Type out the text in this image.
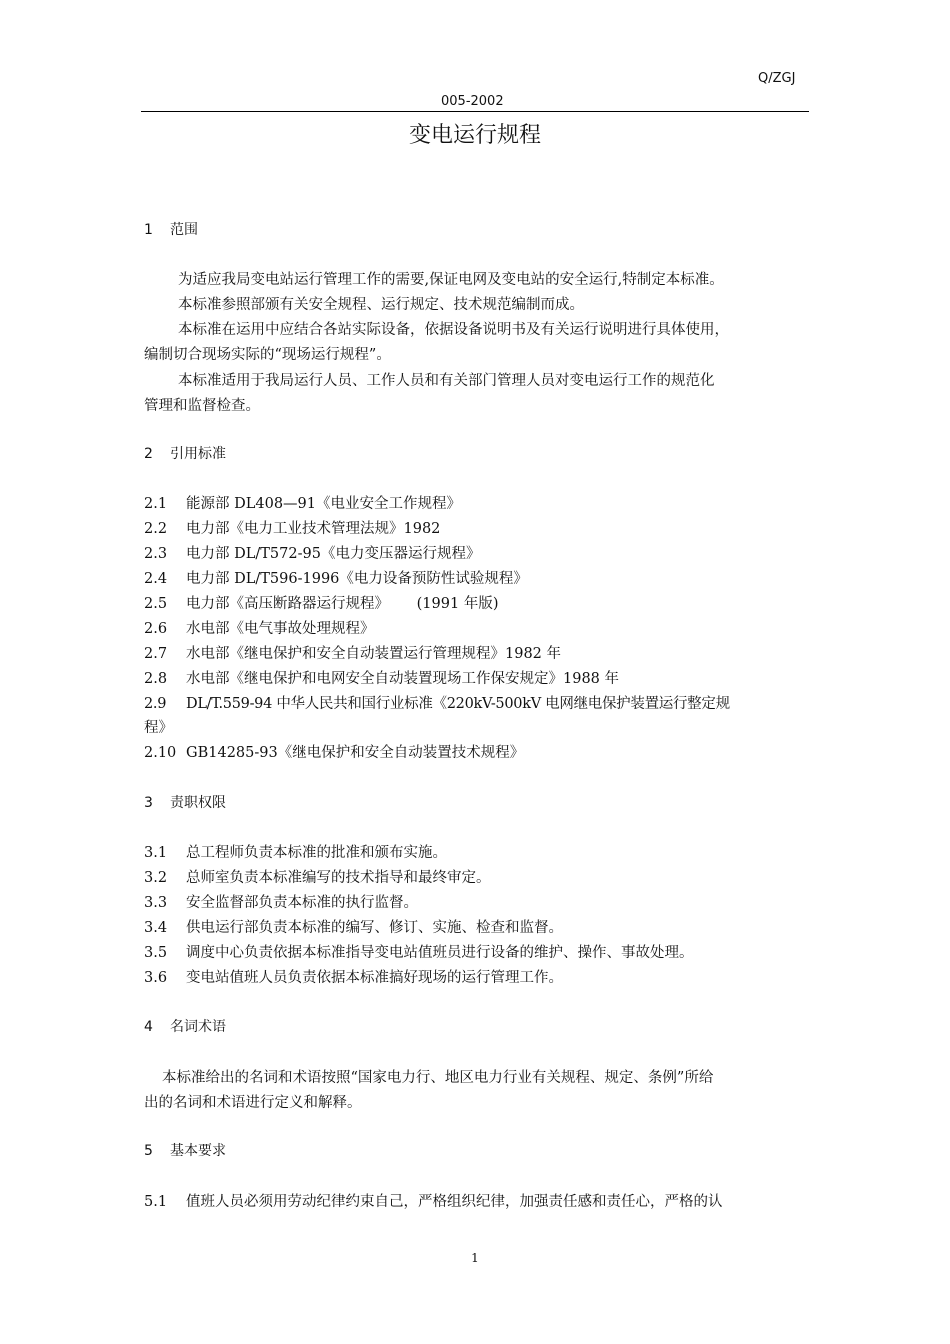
Q/ZGJ
005-2002
变电运行规程
1 范围
为适应我局变电站运行管理工作的需要,保证电网及变电站的安全运行,特制定本标准。
本标准参照部颁有关安全规程、运行规定、技术规范编制而成。
本标准在运用中应结合各站实际设备，依据设备说明书及有关运行说明进行具体使用，
编制切合现场实际的“现场运行规程”。
本标准适用于我局运行人员、工作人员和有关部门管理人员对变电运行工作的规范化
管理和监督检查。
2 引用标准
2.1 能源部 DL408—91《电业安全工作规程》
2.2 电力部《电力工业技术管理法规》1982
2.3 电力部 DL/T572-95《电力变压器运行规程》
2.4 电力部 DL/T596-1996《电力设备预防性试验规程》
2.5 电力部《高压断路器运行规程》      (1991 年版)
2.6 水电部《电气事故处理规程》
2.7 水电部《继电保护和安全自动装置运行管理规程》1982 年
2.8 水电部《继电保护和电网安全自动装置现场工作保安规定》1988 年
2.9 DL/T.559-94 中华人民共和国行业标准《220kV-500kV 电网继电保护装置运行整定规
程》
2.10 GB14285-93《继电保护和安全自动装置技术规程》
3 责职权限
3.1 总工程师负责本标准的批准和颁布实施。
3.2 总师室负责本标准编写的技术指导和最终审定。
3.3 安全监督部负责本标准的执行监督。
3.4 供电运行部负责本标准的编写、修订、实施、检查和监督。
3.5 调度中心负责依据本标准指导变电站值班员进行设备的维护、操作、事故处理。
3.6 变电站值班人员负责依据本标准搞好现场的运行管理工作。
4 名词术语
本标准给出的名词和术语按照“国家电力行、地区电力行业有关规程、规定、条例”所给
出的名词和术语进行定义和解释。
5 基本要求
5.1 值班人员必须用劳动纪律约束自己，严格组织纪律，加强责任感和责任心，严格的认
1
